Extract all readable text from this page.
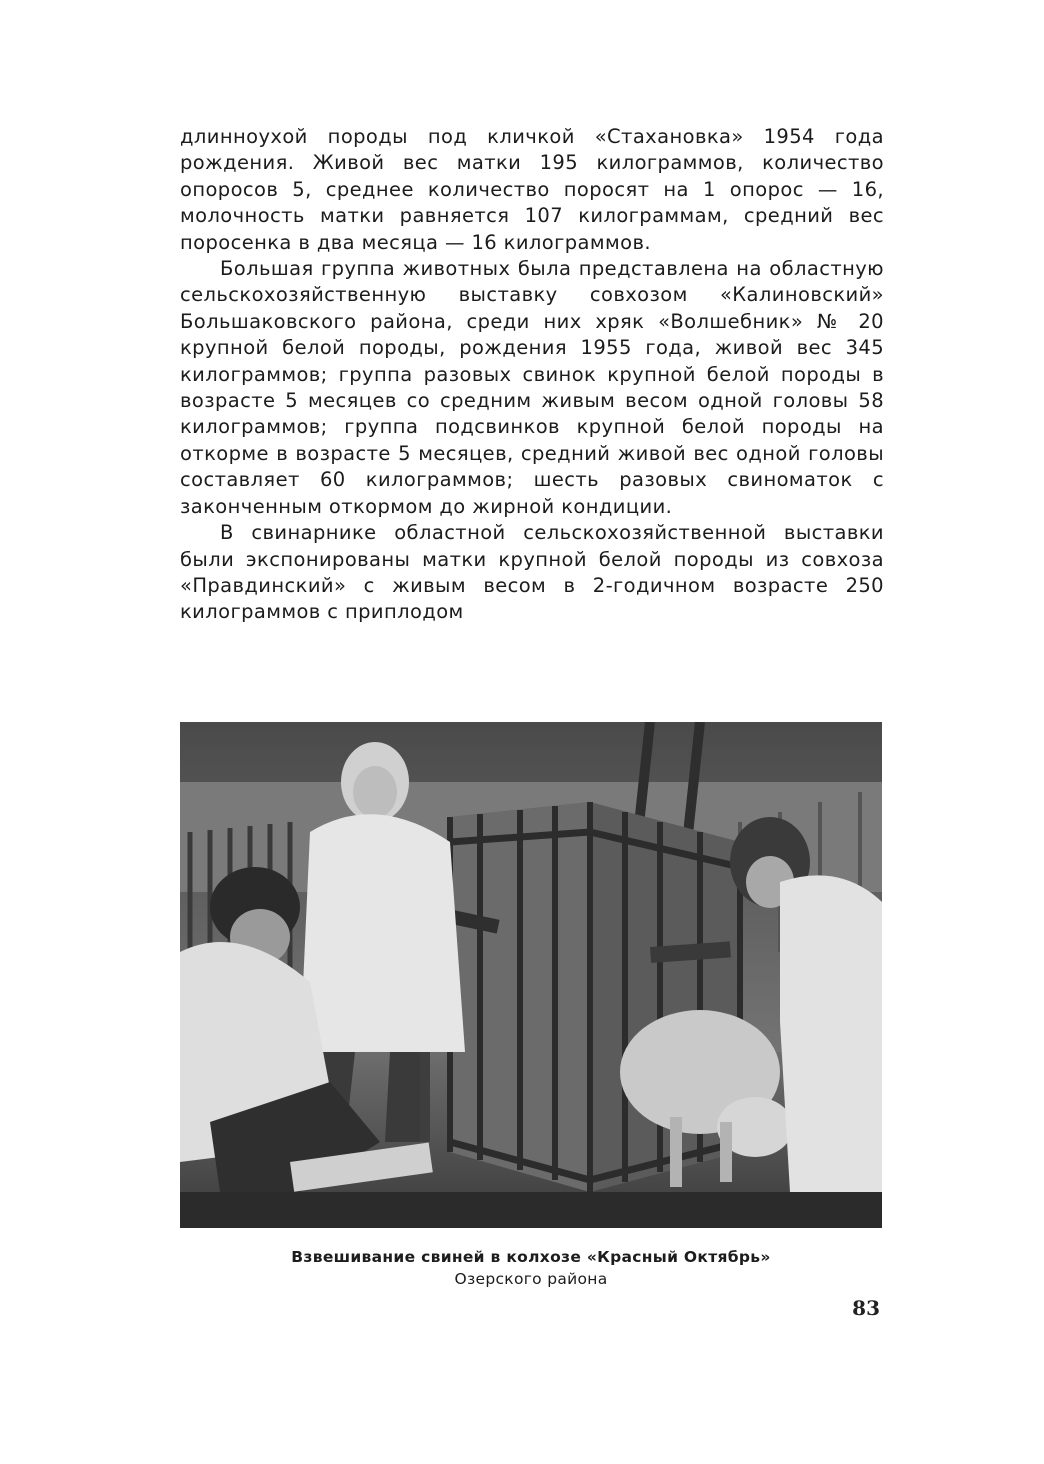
длинноухой породы под кличкой «Стахановка» 1954 года рождения. Живой вес матки 195 килограммов, количество опоросов 5, среднее количество поросят на 1 опорос — 16, молочность матки равняется 107 килограммам, средний вес поросенка в два месяца — 16 килограммов.

Большая группа животных была представлена на областную сельскохозяйственную выставку совхозом «Калиновский» Большаковского района, среди них хряк «Волшебник» № 20 крупной белой породы, рождения 1955 года, живой вес 345 килограммов; группа разовых свинок крупной белой породы в возрасте 5 месяцев со средним живым весом одной головы 58 килограммов; группа подсвинков крупной белой породы на откорме в возрасте 5 месяцев, средний живой вес одной головы составляет 60 килограммов; шесть разовых свиноматок с законченным откормом до жирной кондиции.

В свинарнике областной сельскохозяйственной выставки были экспонированы матки крупной белой породы из совхоза «Правдинский» с живым весом в 2-годичном возрасте 250 килограммов с приплодом

Взвешивание свиней в колхозе «Красный Октябрь»
Озерского района
83
